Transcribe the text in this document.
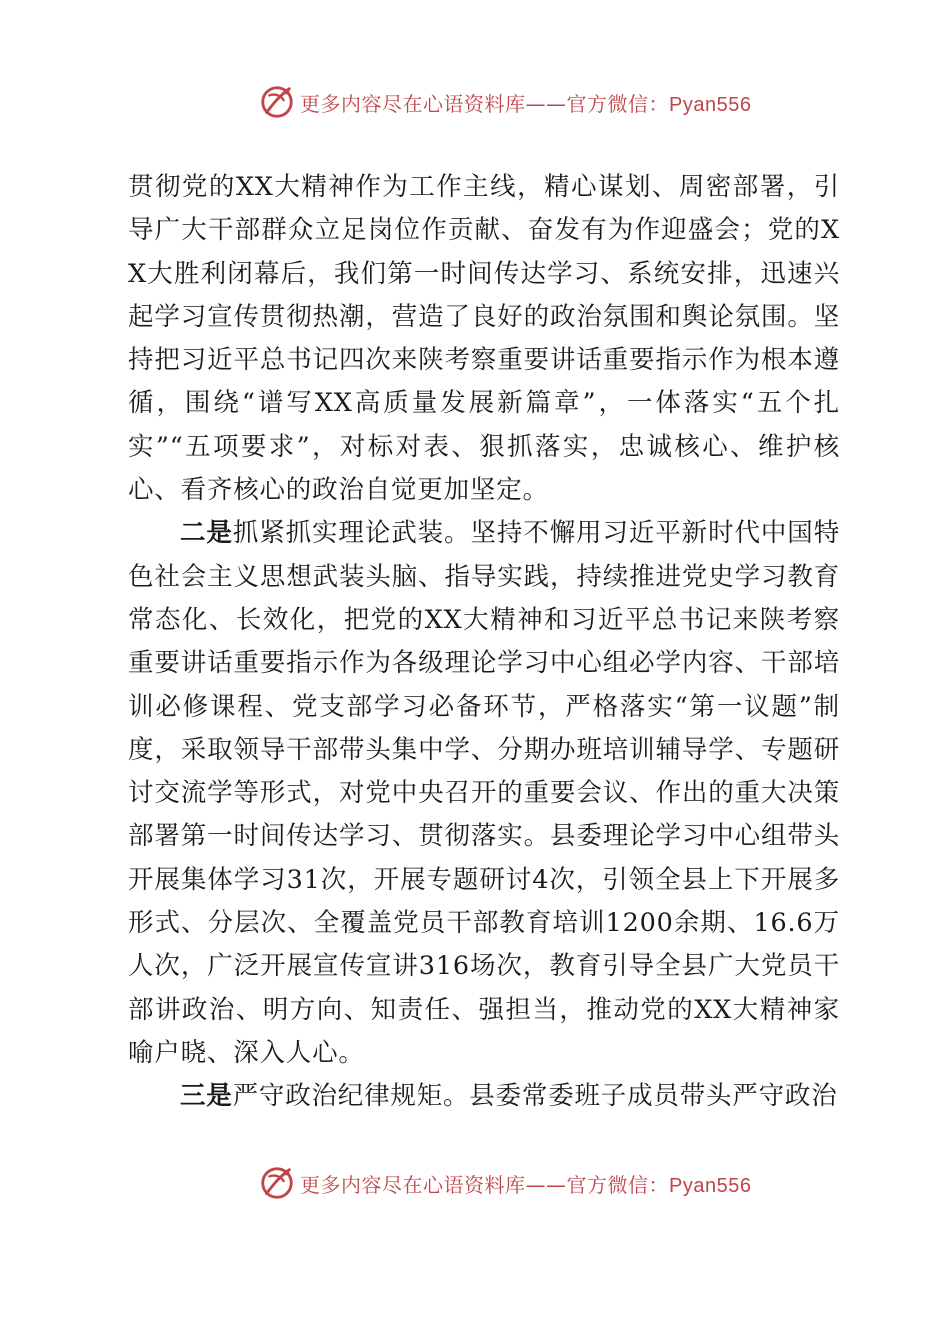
更多内容尽在心语资料库——官方微信：Pyan556

贯彻党的XX大精神作为工作主线，精心谋划、周密部署，引导广大干部群众立足岗位作贡献、奋发有为作迎盛会；党的XX大胜利闭幕后，我们第一时间传达学习、系统安排，迅速兴起学习宣传贯彻热潮，营造了良好的政治氛围和舆论氛围。坚持把习近平总书记四次来陕考察重要讲话重要指示作为根本遵循，围绕“谱写XX高质量发展新篇章”，一体落实“五个扎实”“五项要求”，对标对表、狠抓落实，忠诚核心、维护核心、看齐核心的政治自觉更加坚定。

二是抓紧抓实理论武装。坚持不懈用习近平新时代中国特色社会主义思想武装头脑、指导实践，持续推进党史学习教育常态化、长效化，把党的XX大精神和习近平总书记来陕考察重要讲话重要指示作为各级理论学习中心组必学内容、干部培训必修课程、党支部学习必备环节，严格落实“第一议题”制度，采取领导干部带头集中学、分期办班培训辅导学、专题研讨交流学等形式，对党中央召开的重要会议、作出的重大决策部署第一时间传达学习、贯彻落实。县委理论学习中心组带头开展集体学习31次，开展专题研讨4次，引领全县上下开展多形式、分层次、全覆盖党员干部教育培训1200余期、16.6万人次，广泛开展宣传宣讲316场次，教育引导全县广大党员干部讲政治、明方向、知责任、强担当，推动党的XX大精神家喻户晓、深入人心。

三是严守政治纪律规矩。县委常委班子成员带头严守政治

更多内容尽在心语资料库——官方微信：Pyan556
